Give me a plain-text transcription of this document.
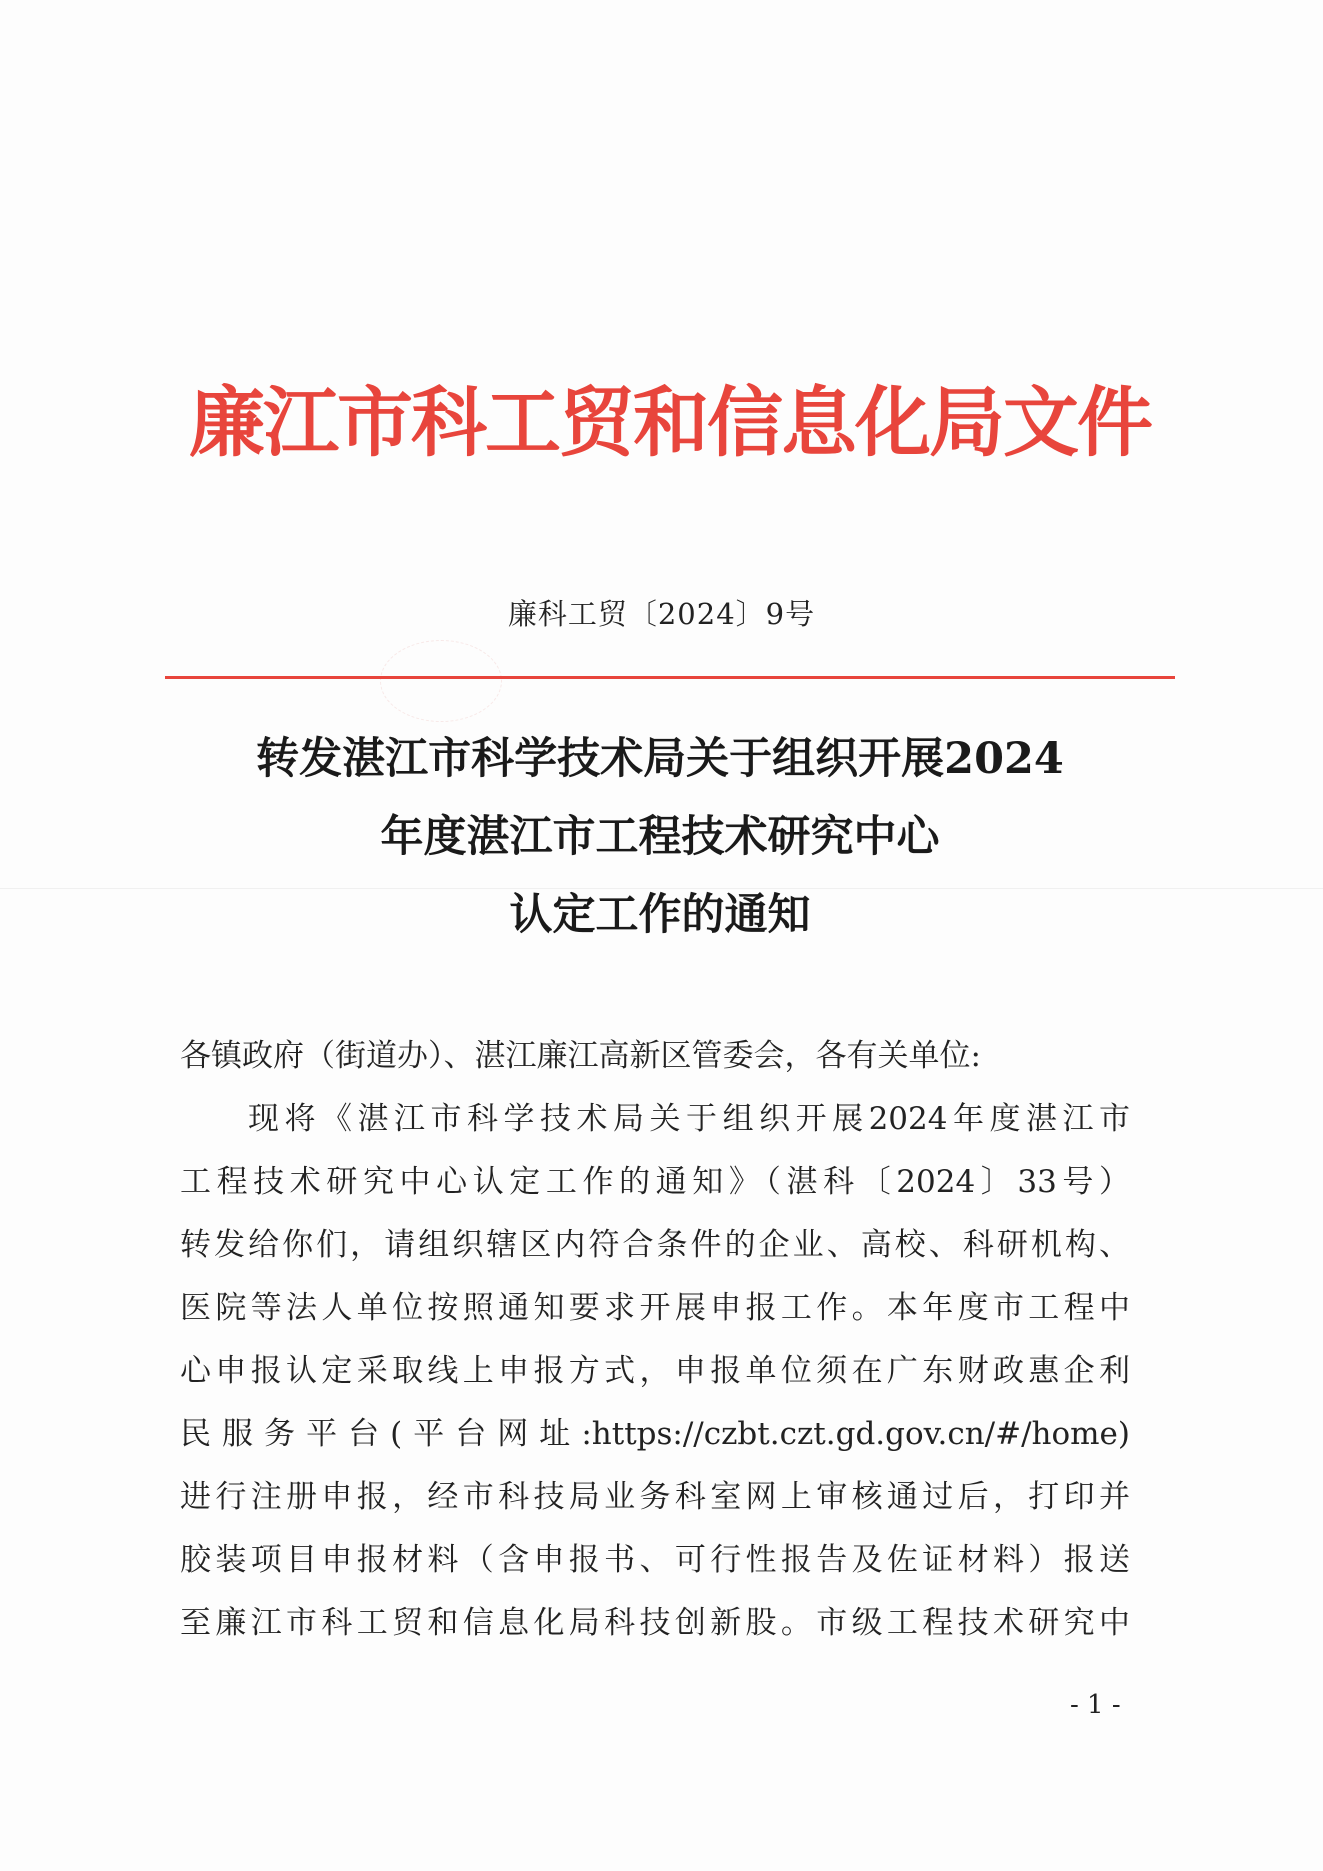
廉江市科工贸和信息化局文件
廉科工贸〔2024〕9号
转发湛江市科学技术局关于组织开展2024
年度湛江市工程技术研究中心
认定工作的通知
各镇政府（街道办）、湛江廉江高新区管委会，各有关单位:
现将《湛江市科学技术局关于组织开展2024年度湛江市
工程技术研究中心认定工作的通知》（湛科〔2024〕33号）
转发给你们，请组织辖区内符合条件的企业、高校、科研机构、
医院等法人单位按照通知要求开展申报工作。本年度市工程中
心申报认定采取线上申报方式，申报单位须在广东财政惠企利
民服务平台(平台网址:https://czbt.czt.gd.gov.cn/#/home)
进行注册申报，经市科技局业务科室网上审核通过后，打印并
胶装项目申报材料（含申报书、可行性报告及佐证材料）报送
至廉江市科工贸和信息化局科技创新股。市级工程技术研究中
- 1 -
